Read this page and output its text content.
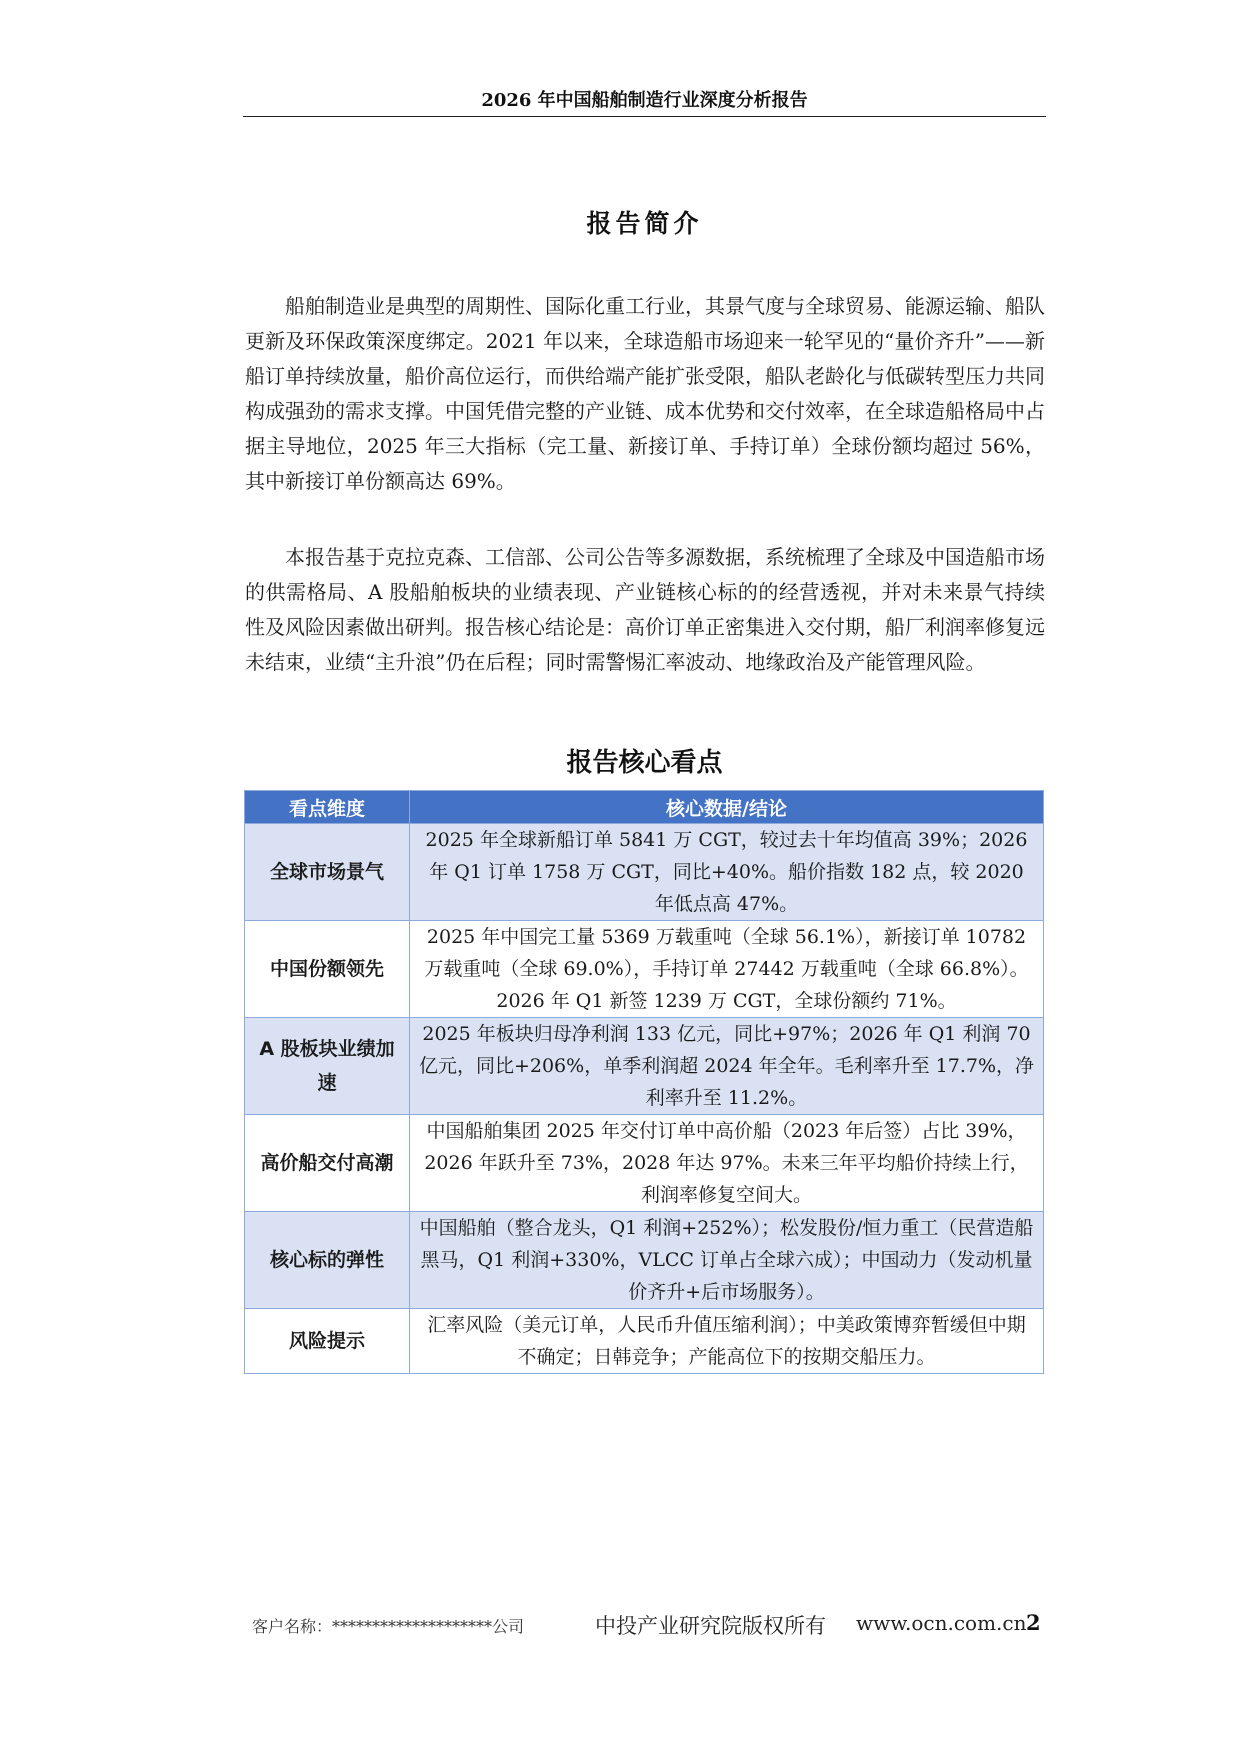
2026 年中国船舶制造行业深度分析报告
报告简介

船舶制造业是典型的周期性、国际化重工行业，其景气度与全球贸易、能源运输、船队更新及环保政策深度绑定。2021 年以来，全球造船市场迎来一轮罕见的“量价齐升”——新船订单持续放量，船价高位运行，而供给端产能扩张受限，船队老龄化与低碳转型压力共同构成强劲的需求支撑。中国凭借完整的产业链、成本优势和交付效率，在全球造船格局中占据主导地位，2025 年三大指标（完工量、新接订单、手持订单）全球份额均超过 56%，其中新接订单份额高达 69%。

本报告基于克拉克森、工信部、公司公告等多源数据，系统梳理了全球及中国造船市场的供需格局、A 股船舶板块的业绩表现、产业链核心标的的经营透视，并对未来景气持续性及风险因素做出研判。报告核心结论是：高价订单正密集进入交付期，船厂利润率修复远未结束，业绩“主升浪”仍在后程；同时需警惕汇率波动、地缘政治及产能管理风险。

报告核心看点
看点维度	核心数据/结论
全球市场景气	2025 年全球新船订单 5841 万 CGT，较过去十年均值高 39%；2026 年 Q1 订单 1758 万 CGT，同比+40%。船价指数 182 点，较 2020 年低点高 47%。
中国份额领先	2025 年中国完工量 5369 万载重吨（全球 56.1%），新接订单 10782 万载重吨（全球 69.0%），手持订单 27442 万载重吨（全球 66.8%）。2026 年 Q1 新签 1239 万 CGT，全球份额约 71%。
A 股板块业绩加速	2025 年板块归母净利润 133 亿元，同比+97%；2026 年 Q1 利润 70 亿元，同比+206%，单季利润超 2024 年全年。毛利率升至 17.7%，净利率升至 11.2%。
高价船交付高潮	中国船舶集团 2025 年交付订单中高价船（2023 年后签）占比 39%，2026 年跃升至 73%，2028 年达 97%。未来三年平均船价持续上行，利润率修复空间大。
核心标的弹性	中国船舶（整合龙头，Q1 利润+252%）；松发股份/恒力重工（民营造船黑马，Q1 利润+330%，VLCC 订单占全球六成）；中国动力（发动机量价齐升+后市场服务）。
风险提示	汇率风险（美元订单，人民币升值压缩利润）；中美政策博弈暂缓但中期不确定；日韩竞争；产能高位下的按期交船压力。
客户名称：********************公司	中投产业研究院版权所有 www.ocn.com.cn 2
